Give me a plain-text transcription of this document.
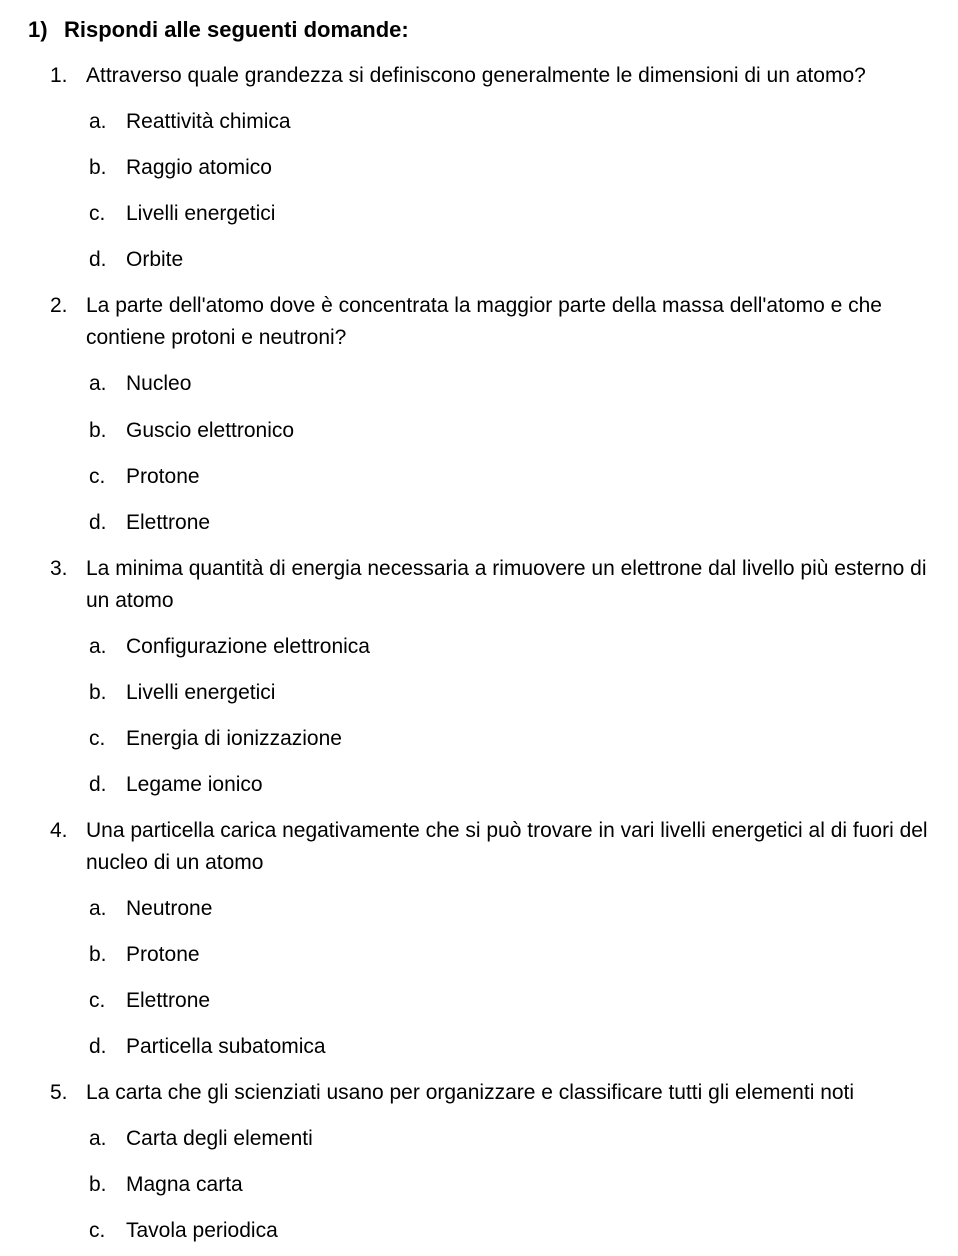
1) Rispondi alle seguenti domande:
1. Attraverso quale grandezza si definiscono generalmente le dimensioni di un atomo?
a. Reattività chimica
b. Raggio atomico
c. Livelli energetici
d. Orbite
2. La parte dell'atomo dove è concentrata la maggior parte della massa dell'atomo e che contiene protoni e neutroni?
a. Nucleo
b. Guscio elettronico
c. Protone
d. Elettrone
3. La minima quantità di energia necessaria a rimuovere un elettrone dal livello più esterno di un atomo
a. Configurazione elettronica
b. Livelli energetici
c. Energia di ionizzazione
d. Legame ionico
4. Una particella carica negativamente che si può trovare in vari livelli energetici al di fuori del nucleo di un atomo
a. Neutrone
b. Protone
c. Elettrone
d. Particella subatomica
5. La carta che gli scienziati usano per organizzare e classificare tutti gli elementi noti
a. Carta degli elementi
b. Magna carta
c. Tavola periodica
